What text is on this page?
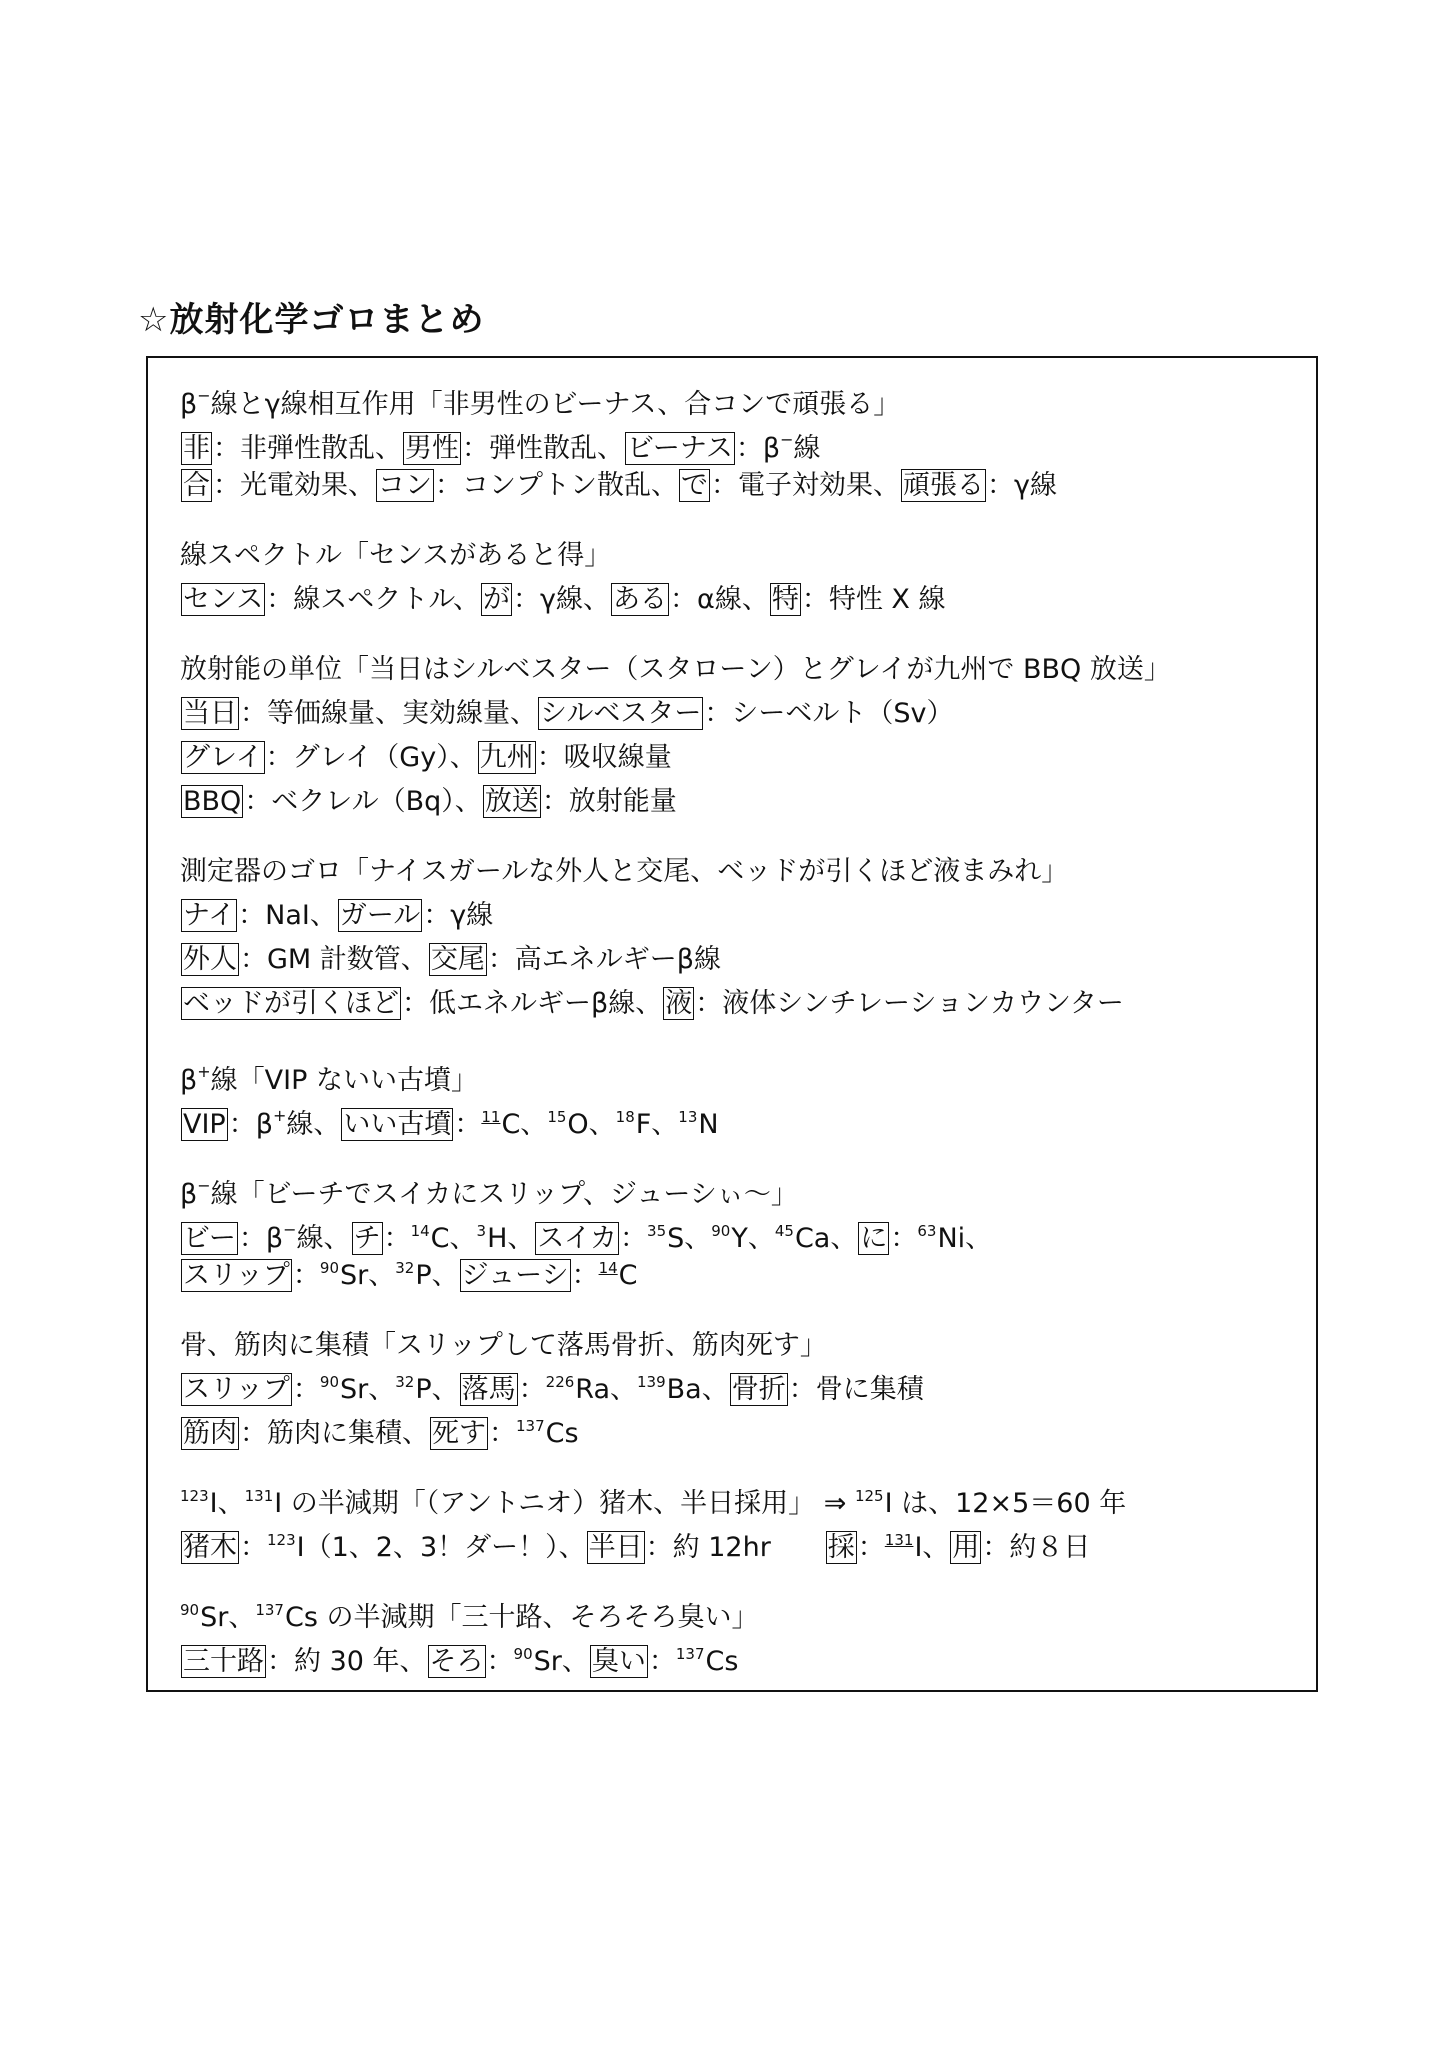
☆放射化学ゴロまとめ
β−線とγ線相互作用「非男性のビーナス、合コンで頑張る」
非 ：非弾性散乱、 男性 ：弾性散乱、 ビーナス ：β−線
合 ：光電効果、 コン ：コンプトン散乱、 で ：電子対効果、 頑張る ：γ線
線スペクトル「センスがあると得」
センス ：線スペクトル、 が ：γ線、 ある ：α線、 特 ：特性 X 線
放射能の単位「当日はシルベスター（スタローン）とグレイが九州で BBQ 放送」
当日 ：等価線量、実効線量、 シルベスター ：シーベルト（Sv）
グレイ ：グレイ（Gy）、 九州 ：吸収線量
BBQ ：ベクレル（Bq）、 放送 ：放射能量
測定器のゴロ「ナイスガールな外人と交尾、ベッドが引くほど液まみれ」
ナイ ：NaI、 ガール ：γ線
外人 ：GM 計数管、 交尾 ：高エネルギーβ線
ベッドが引くほど ：低エネルギーβ線、 液 ：液体シンチレーションカウンター
β+線「VIP ないい古墳」
VIP ：β+線、 いい古墳 ：$^{11}$C、$^{15}$O、$^{18}$F、$^{13}$N
β−線「ビーチでスイカにスリップ、ジューシぃ〜」
ビー ：β−線、 チ ：$^{14}$C、$^3$H、 スイカ ：$^{35}$S、$^{90}$Y、$^{45}$Ca、 に ：$^{63}$Ni、
スリップ ：$^{90}$Sr、$^{32}$P、 ジューシ ：$^{14}$C
骨、筋肉に集積「スリップして落馬骨折、筋肉死す」
スリップ ：$^{90}$Sr、$^{32}$P、 落馬 ：$^{226}$Ra、$^{139}$Ba、 骨折 ：骨に集積
筋肉 ：筋肉に集積、 死す ：$^{137}$Cs
$^{123}$I、$^{131}$I の半減期「（アントニオ）猪木、半日採用」 ⇒ $^{125}$I は、12×5＝60 年
猪木 ：$^{123}$I（1、2、3！ダー！）、 半日 ：約 12hr　　採 ：$^{131}$I、 用 ：約８日
$^{90}$Sr、$^{137}$Cs の半減期「三十路、そろそろ臭い」
三十路 ：約 30 年、 そろ ：$^{90}$Sr、 臭い ：$^{137}$Cs
